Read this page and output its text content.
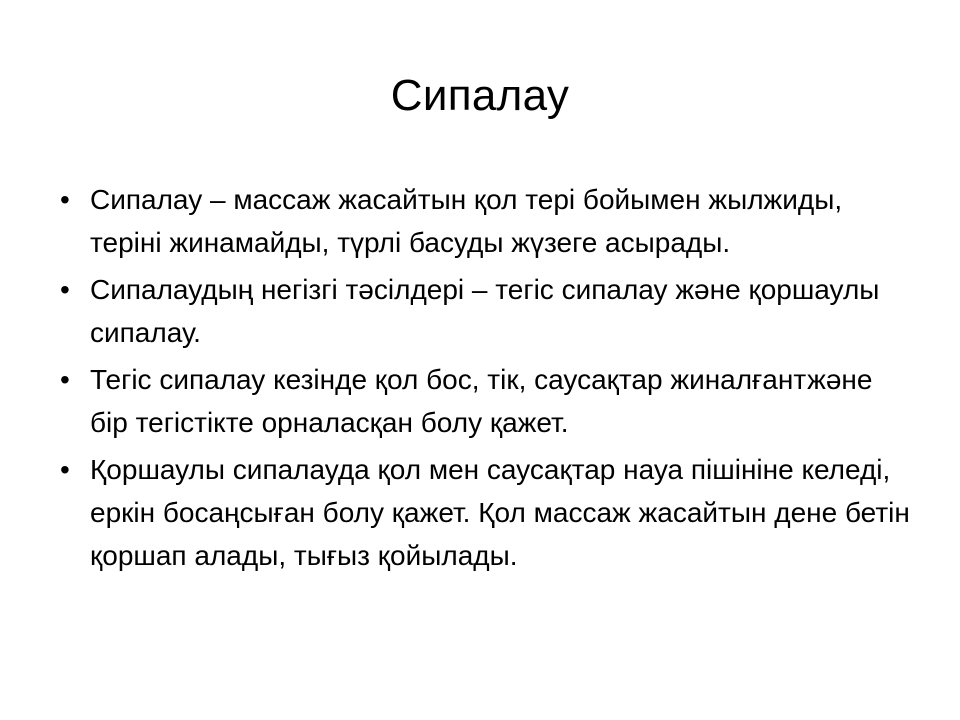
Сипалау
• Сипалау – массаж жасайтын қол тері бойымен жылжиды, теріні жинамайды, түрлі басуды жүзеге асырады.
• Сипалаудың негізгі тәсілдері – тегіс сипалау және қоршаулы сипалау.
• Тегіс сипалау кезінде қол бос, тік, саусақтар жиналғантжәне бір тегістікте орналасқан болу қажет.
• Қоршаулы сипалауда қол мен саусақтар науа пішініне келеді, еркін босаңсыған болу қажет. Қол массаж жасайтын дене бетін қоршап алады, тығыз қойылады.
